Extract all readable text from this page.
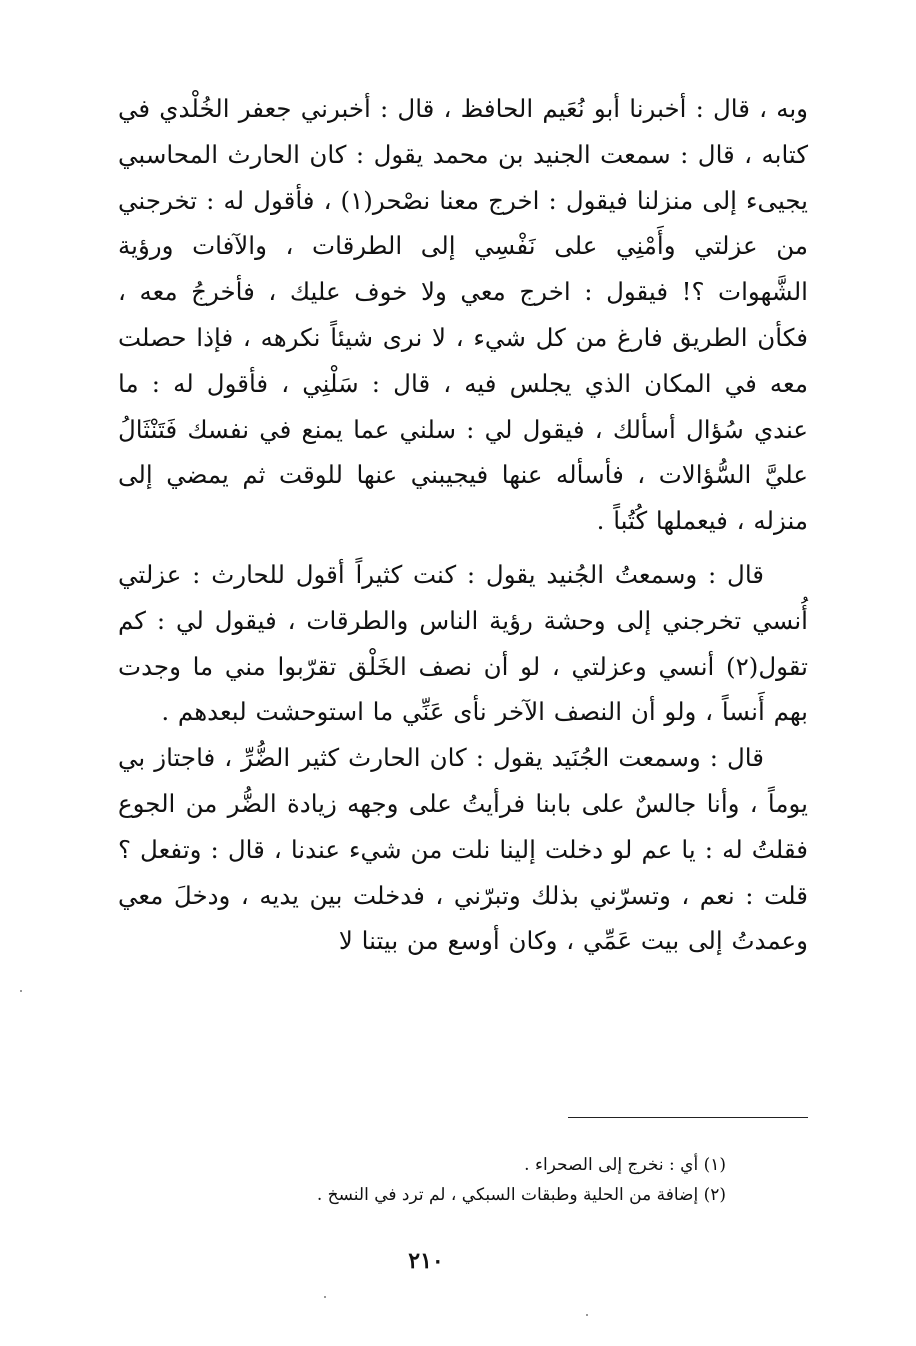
وبه ، قال : أخبرنا أبو نُعَيم الحافظ ، قال : أخبرني جعفر الخُلْدي في كتابه ، قال : سمعت الجنيد بن محمد يقول : كان الحارث المحاسبي يجيىء إلى منزلنا فيقول : اخرج معنا نصْحر(١) ، فأقول له : تخرجني من عزلتي وأَمْنِي على نَفْسِي إلى الطرقات ، والآفات ورؤية الشَّهوات ؟! فيقول : اخرج معي ولا خوف عليك ، فأخرجُ معه ، فكأن الطريق فارغ من كل شيء ، لا نرى شيئاً نكرهه ، فإذا حصلت معه في المكان الذي يجلس فيه ، قال : سَلْنِي ، فأقول له : ما عندي سُؤال أسألك ، فيقول لي : سلني عما يمنع في نفسك فَتَنْثَالُ عليَّ السُّؤالات ، فأسأله عنها فيجيبني عنها للوقت ثم يمضي إلى منزله ، فيعملها كُتُباً .

قال : وسمعتُ الجُنيد يقول : كنت كثيراً أقول للحارث : عزلتي أُنسي تخرجني إلى وحشة رؤية الناس والطرقات ، فيقول لي : كم تقول(٢) أنسي وعزلتي ، لو أن نصف الخَلْق تقرّبوا مني ما وجدت بهم أَنساً ، ولو أن النصف الآخر نأى عَنِّي ما استوحشت لبعدهم .

قال : وسمعت الجُنَيد يقول : كان الحارث كثير الضُّرِّ ، فاجتاز بي يوماً ، وأنا جالسٌ على بابنا فرأيتُ على وجهه زيادة الضُّر من الجوع فقلتُ له : يا عم لو دخلت إلينا نلت من شيء عندنا ، قال : وتفعل ؟ قلت : نعم ، وتسرّني بذلك وتبرّني ، فدخلت بين يديه ، ودخلَ معي وعمدتُ إلى بيت عَمِّي ، وكان أوسع من بيتنا لا

(١) أي : نخرج إلى الصحراء .

(٢) إضافة من الحلية وطبقات السبكي ، لم ترد في النسخ .

٢١٠
